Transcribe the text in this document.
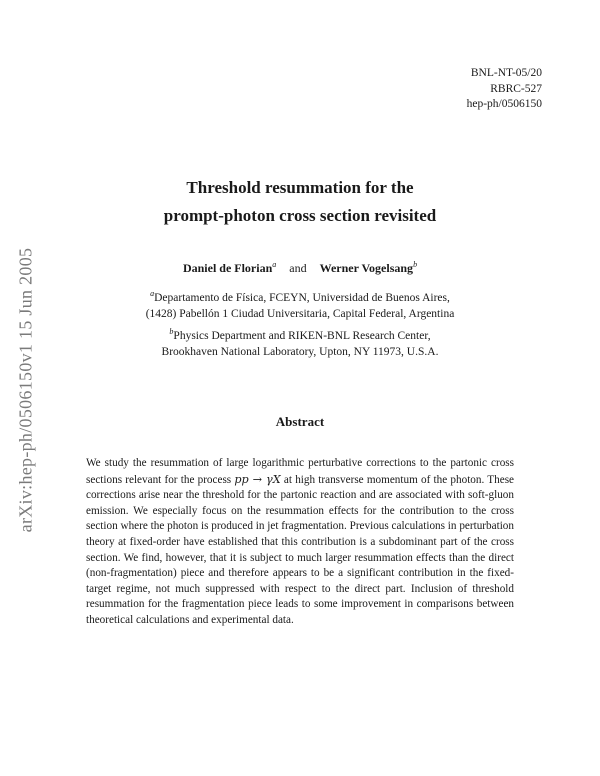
BNL-NT-05/20
RBRC-527
hep-ph/0506150
arXiv:hep-ph/0506150v1 15 Jun 2005
Threshold resummation for the
prompt-photon cross section revisited
Daniel de Florian$^a$ and Werner Vogelsang$^b$
$^a$Departamento de Física, FCEYN, Universidad de Buenos Aires,
(1428) Pabellón 1 Ciudad Universitaria, Capital Federal, Argentina
$^b$Physics Department and RIKEN-BNL Research Center,
Brookhaven National Laboratory, Upton, NY 11973, U.S.A.
Abstract
We study the resummation of large logarithmic perturbative corrections to the partonic cross sections relevant for the process pp → γX at high transverse momentum of the photon. These corrections arise near the threshold for the partonic reaction and are associated with soft-gluon emission. We especially focus on the resummation effects for the contribution to the cross section where the photon is produced in jet fragmentation. Previous calculations in perturbation theory at fixed-order have established that this contribution is a subdominant part of the cross section. We find, however, that it is subject to much larger resummation effects than the direct (non-fragmentation) piece and therefore appears to be a significant contribution in the fixed-target regime, not much suppressed with respect to the direct part. Inclusion of threshold resummation for the fragmentation piece leads to some improvement in comparisons between theoretical calculations and experimental data.
